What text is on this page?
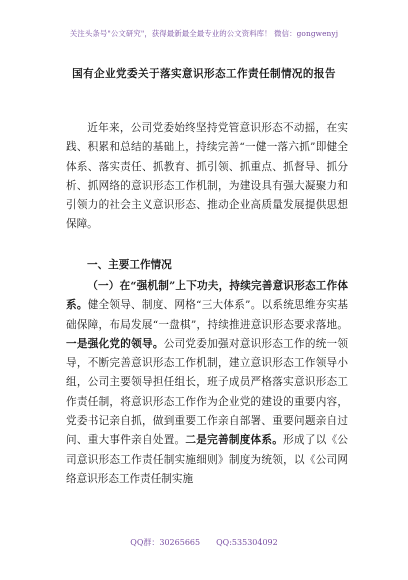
关注头条号"公文研究"，获得最新最全最专业的公文资料库！ 微信：gongwenyj
国有企业党委关于落实意识形态工作责任制情况的报告

近年来，公司党委始终坚持党管意识形态不动摇，在实践、积累和总结的基础上，持续完善“一健一落六抓”即健全体系、落实责任、抓教育、抓引领、抓重点、抓督导、抓分析、抓网络的意识形态工作机制，为建设具有强大凝聚力和引领力的社会主义意识形态、推动企业高质量发展提供思想保障。

一、主要工作情况

（一）在“强机制”上下功夫，持续完善意识形态工作体系。健全领导、制度、网格“三大体系”。以系统思维夯实基础保障，布局发展“一盘棋”，持续推进意识形态要求落地。一是强化党的领导。公司党委加强对意识形态工作的统一领导，不断完善意识形态工作机制，建立意识形态工作领导小组，公司主要领导担任组长，班子成员严格落实意识形态工作责任制，将意识形态工作作为企业党的建设的重要内容，党委书记亲自抓，做到重要工作亲自部署、重要问题亲自过问、重大事件亲自处置。二是完善制度体系。形成了以《公司意识形态工作责任制实施细则》制度为统领，以《公司网络意识形态工作责任制实施

QQ群：30265665 QQ:535304092
